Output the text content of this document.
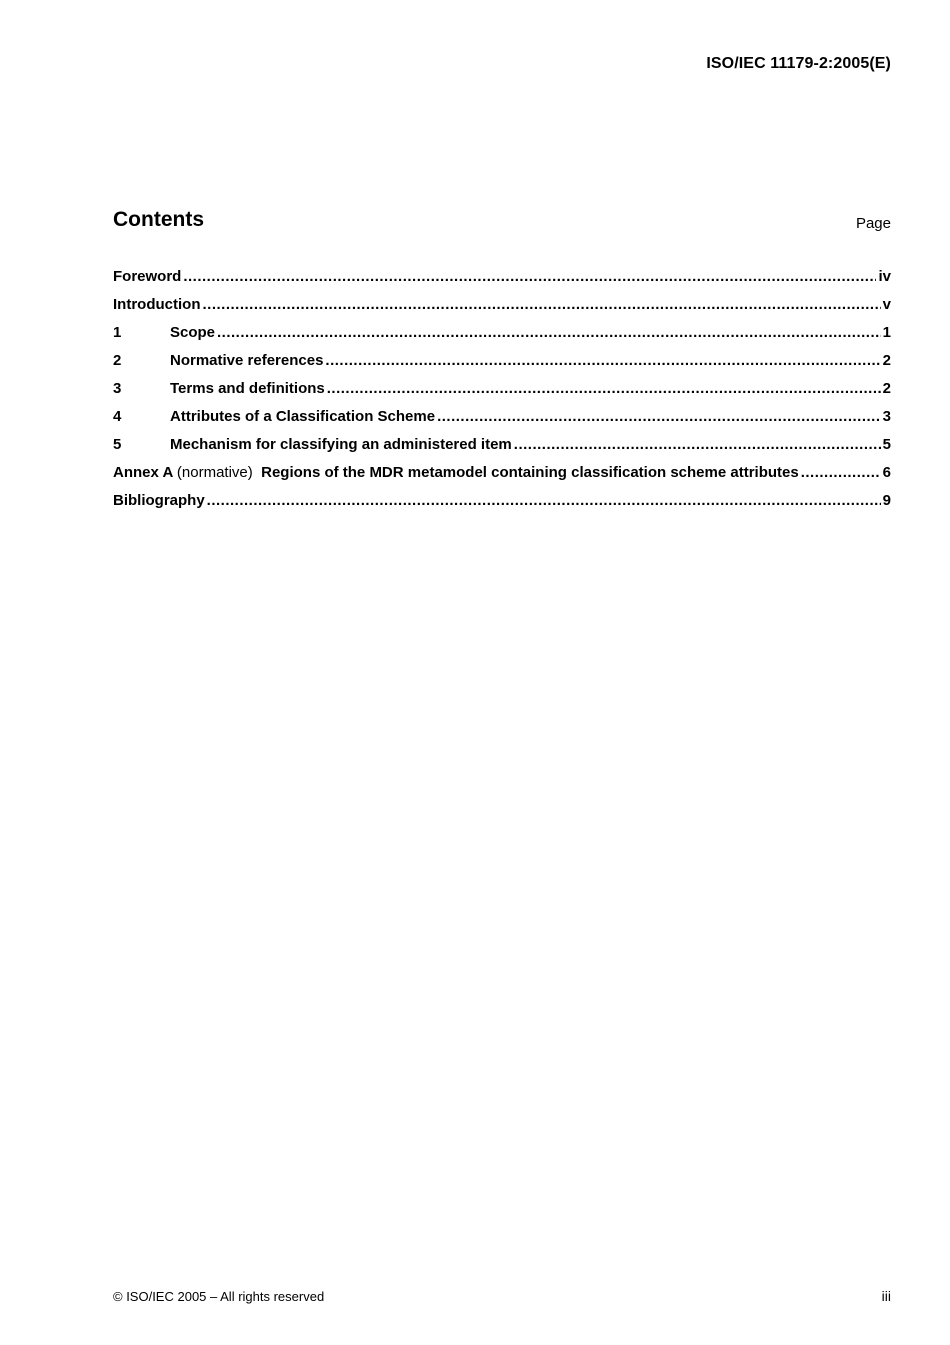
ISO/IEC 11179-2:2005(E)
Contents	Page
Foreword .....	iv
Introduction .....	v
1	Scope .....	1
2	Normative references .....	2
3	Terms and definitions .....	2
4	Attributes of a Classification Scheme .....	3
5	Mechanism for classifying an administered item .....	5
Annex A (normative) Regions of the MDR metamodel containing classification scheme attributes .....	6
Bibliography .....	9
© ISO/IEC 2005 – All rights reserved	iii
